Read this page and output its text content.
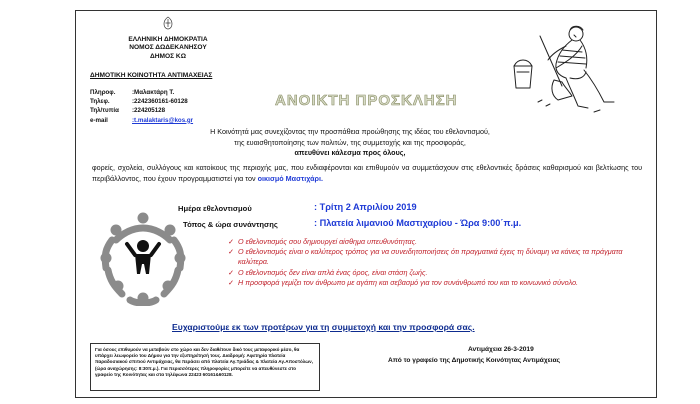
ΕΛΛΗΝΙΚΗ ΔΗΜΟΚΡΑΤΙΑ
ΝΟΜΟΣ ΔΩΔΕΚΑΝΗΣΟΥ
ΔΗΜΟΣ ΚΩ
ΔΗΜΟΤΙΚΗ ΚΟΙΝΟΤΗΤΑ ΑΝΤΙΜΑΧΕΙΑΣ
Πληροφ.	:Μαλακτάρη Τ.
Τηλεφ.	:2242360161-60128
Τηλ/τυπία	:224205128
e-mail	:t.malaktaris@kos.gr
ΑΝΟΙΚΤΗ ΠΡΟΣΚΛΗΣΗ
Η Κοινότητά μας συνεχίζοντας την προσπάθεια προώθησης της ιδέας του εθελοντισμού,
της ευαισθητοποίησης των πολιτών, της συμμετοχής και της προσφοράς,
απευθύνει κάλεσμα προς όλους,
φορείς, σχολεία, συλλόγους και κατοίκους της περιοχής μας, που ενδιαφέρονται και επιθυμούν να συμμετάσχουν στις εθελοντικές δράσεις καθαρισμού και βελτίωσης του περιβάλλοντος, που έχουν προγραμματιστεί για τον οικισμό Μαστιχάρι.
Ημέρα εθελοντισμού	: Τρίτη 2 Απριλίου 2019
Τόπος & ώρα συνάντησης	: Πλατεία λιμανιού Μαστιχαρίου - Ώρα 9:00΄π.μ.
✓ Ο εθελοντισμός σου δημιουργεί αίσθημα υπευθυνότητας.
✓ Ο εθελοντισμός είναι ο καλύτερος τρόπος για να συνειδητοποιήσεις ότι πραγματικά έχεις τη δύναμη να κάνεις τα πράγματα καλύτερα.
✓ Ο εθελοντισμός δεν είναι απλά ένας όρος, είναι στάση ζωής.
✓ Η προσφορά γεμίζει τον άνθρωπο με αγάπη και σεβασμό για τον συνάνθρωπό του και το κοινωνικό σύνολο.
Ευχαριστούμε εκ των προτέρων για τη συμμετοχή και την προσφορά σας.
Για όσους επιθυμούν να μεταβούν στο χώρο και δεν διαθέτουν δικό τους μεταφορικό μέσο, θα υπάρχει λεωφορείο του Δήμου για την εξυπηρέτησή τους. Διαδρομή: Αφετηρία πλατεία παραδοσιακού σπιτιού Αντιμάχειας, θα περάσει από πλατεία Αγ.Τριάδας & πλατεία Αγ.Αποστόλων, (ώρα αναχώρησης: 8:30π.μ.). Για περισσότερες πληροφορίες μπορείτε να απευθύνεστε στο γραφείο της Κοινότητας και στα τηλέφωνα 22423 60161&60128.
Αντιμάχεια 26-3-2019
Από το γραφείο της Δημοτικής Κοινότητας Αντιμάχειας
